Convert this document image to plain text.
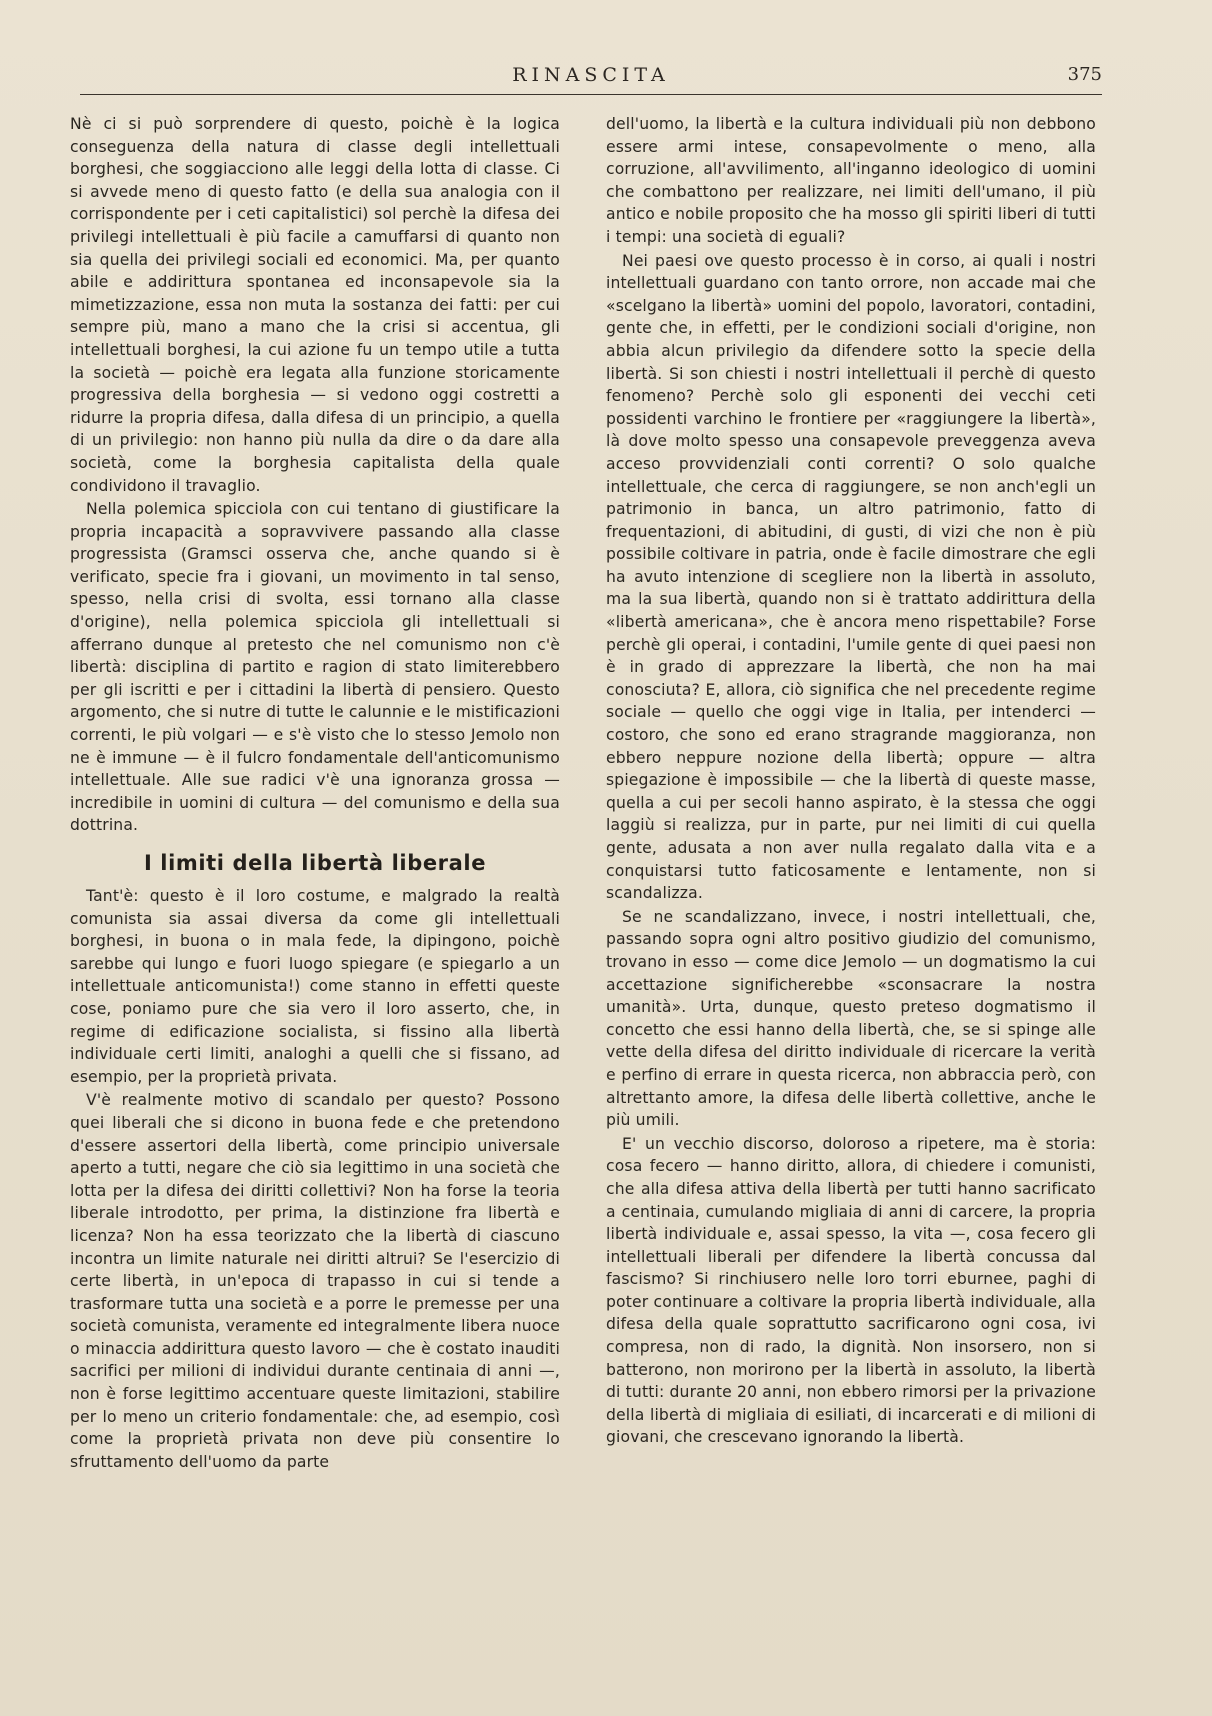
RINASCITA	375

Nè ci si può sorprendere di questo, poichè è la logica conseguenza della natura di classe degli intellettuali borghesi, che soggiacciono alle leggi della lotta di classe. Ci si avvede meno di questo fatto (e della sua analogia con il corrispondente per i ceti capitalistici) sol perchè la difesa dei privilegi intellettuali è più facile a camuffarsi di quanto non sia quella dei privilegi sociali ed economici. Ma, per quanto abile e addirittura spontanea ed inconsapevole sia la mimetizzazione, essa non muta la sostanza dei fatti: per cui sempre più, mano a mano che la crisi si accentua, gli intellettuali borghesi, la cui azione fu un tempo utile a tutta la società — poichè era legata alla funzione storicamente progressiva della borghesia — si vedono oggi costretti a ridurre la propria difesa, dalla difesa di un principio, a quella di un privilegio: non hanno più nulla da dire o da dare alla società, come la borghesia capitalista della quale condividono il travaglio.

Nella polemica spicciola con cui tentano di giustificare la propria incapacità a sopravvivere passando alla classe progressista (Gramsci osserva che, anche quando si è verificato, specie fra i giovani, un movimento in tal senso, spesso, nella crisi di svolta, essi tornano alla classe d'origine), nella polemica spicciola gli intellettuali si afferrano dunque al pretesto che nel comunismo non c'è libertà: disciplina di partito e ragion di stato limiterebbero per gli iscritti e per i cittadini la libertà di pensiero. Questo argomento, che si nutre di tutte le calunnie e le mistificazioni correnti, le più volgari — e s'è visto che lo stesso Jemolo non ne è immune — è il fulcro fondamentale dell'anticomunismo intellettuale. Alle sue radici v'è una ignoranza grossa — incredibile in uomini di cultura — del comunismo e della sua dottrina.

I limiti della libertà liberale

Tant'è: questo è il loro costume, e malgrado la realtà comunista sia assai diversa da come gli intellettuali borghesi, in buona o in mala fede, la dipingono, poichè sarebbe qui lungo e fuori luogo spiegare (e spiegarlo a un intellettuale anticomunista!) come stanno in effetti queste cose, poniamo pure che sia vero il loro asserto, che, in regime di edificazione socialista, si fissino alla libertà individuale certi limiti, analoghi a quelli che si fissano, ad esempio, per la proprietà privata.

V'è realmente motivo di scandalo per questo? Possono quei liberali che si dicono in buona fede e che pretendono d'essere assertori della libertà, come principio universale aperto a tutti, negare che ciò sia legittimo in una società che lotta per la difesa dei diritti collettivi? Non ha forse la teoria liberale introdotto, per prima, la distinzione fra libertà e licenza? Non ha essa teorizzato che la libertà di ciascuno incontra un limite naturale nei diritti altrui? Se l'esercizio di certe libertà, in un'epoca di trapasso in cui si tende a trasformare tutta una società e a porre le premesse per una società comunista, veramente ed integralmente libera nuoce o minaccia addirittura questo lavoro — che è costato inauditi sacrifici per milioni di individui durante centinaia di anni —, non è forse legittimo accentuare queste limitazioni, stabilire per lo meno un criterio fondamentale: che, ad esempio, così come la proprietà privata non deve più consentire lo sfruttamento dell'uomo da parte

dell'uomo, la libertà e la cultura individuali più non debbono essere armi intese, consapevolmente o meno, alla corruzione, all'avvilimento, all'inganno ideologico di uomini che combattono per realizzare, nei limiti dell'umano, il più antico e nobile proposito che ha mosso gli spiriti liberi di tutti i tempi: una società di eguali?

Nei paesi ove questo processo è in corso, ai quali i nostri intellettuali guardano con tanto orrore, non accade mai che «scelgano la libertà» uomini del popolo, lavoratori, contadini, gente che, in effetti, per le condizioni sociali d'origine, non abbia alcun privilegio da difendere sotto la specie della libertà. Si son chiesti i nostri intellettuali il perchè di questo fenomeno? Perchè solo gli esponenti dei vecchi ceti possidenti varchino le frontiere per «raggiungere la libertà», là dove molto spesso una consapevole preveggenza aveva acceso provvidenziali conti correnti? O solo qualche intellettuale, che cerca di raggiungere, se non anch'egli un patrimonio in banca, un altro patrimonio, fatto di frequentazioni, di abitudini, di gusti, di vizi che non è più possibile coltivare in patria, onde è facile dimostrare che egli ha avuto intenzione di scegliere non la libertà in assoluto, ma la sua libertà, quando non si è trattato addirittura della «libertà americana», che è ancora meno rispettabile? Forse perchè gli operai, i contadini, l'umile gente di quei paesi non è in grado di apprezzare la libertà, che non ha mai conosciuta? E, allora, ciò significa che nel precedente regime sociale — quello che oggi vige in Italia, per intenderci — costoro, che sono ed erano stragrande maggioranza, non ebbero neppure nozione della libertà; oppure — altra spiegazione è impossibile — che la libertà di queste masse, quella a cui per secoli hanno aspirato, è la stessa che oggi laggiù si realizza, pur in parte, pur nei limiti di cui quella gente, adusata a non aver nulla regalato dalla vita e a conquistarsi tutto faticosamente e lentamente, non si scandalizza.

Se ne scandalizzano, invece, i nostri intellettuali, che, passando sopra ogni altro positivo giudizio del comunismo, trovano in esso — come dice Jemolo — un dogmatismo la cui accettazione significherebbe «sconsacrare la nostra umanità». Urta, dunque, questo preteso dogmatismo il concetto che essi hanno della libertà, che, se si spinge alle vette della difesa del diritto individuale di ricercare la verità e perfino di errare in questa ricerca, non abbraccia però, con altrettanto amore, la difesa delle libertà collettive, anche le più umili.

E' un vecchio discorso, doloroso a ripetere, ma è storia: cosa fecero — hanno diritto, allora, di chiedere i comunisti, che alla difesa attiva della libertà per tutti hanno sacrificato a centinaia, cumulando migliaia di anni di carcere, la propria libertà individuale e, assai spesso, la vita —, cosa fecero gli intellettuali liberali per difendere la libertà concussa dal fascismo? Si rinchiusero nelle loro torri eburnee, paghi di poter continuare a coltivare la propria libertà individuale, alla difesa della quale soprattutto sacrificarono ogni cosa, ivi compresa, non di rado, la dignità. Non insorsero, non si batterono, non morirono per la libertà in assoluto, la libertà di tutti: durante 20 anni, non ebbero rimorsi per la privazione della libertà di migliaia di esiliati, di incarcerati e di milioni di giovani, che crescevano ignorando la libertà.
